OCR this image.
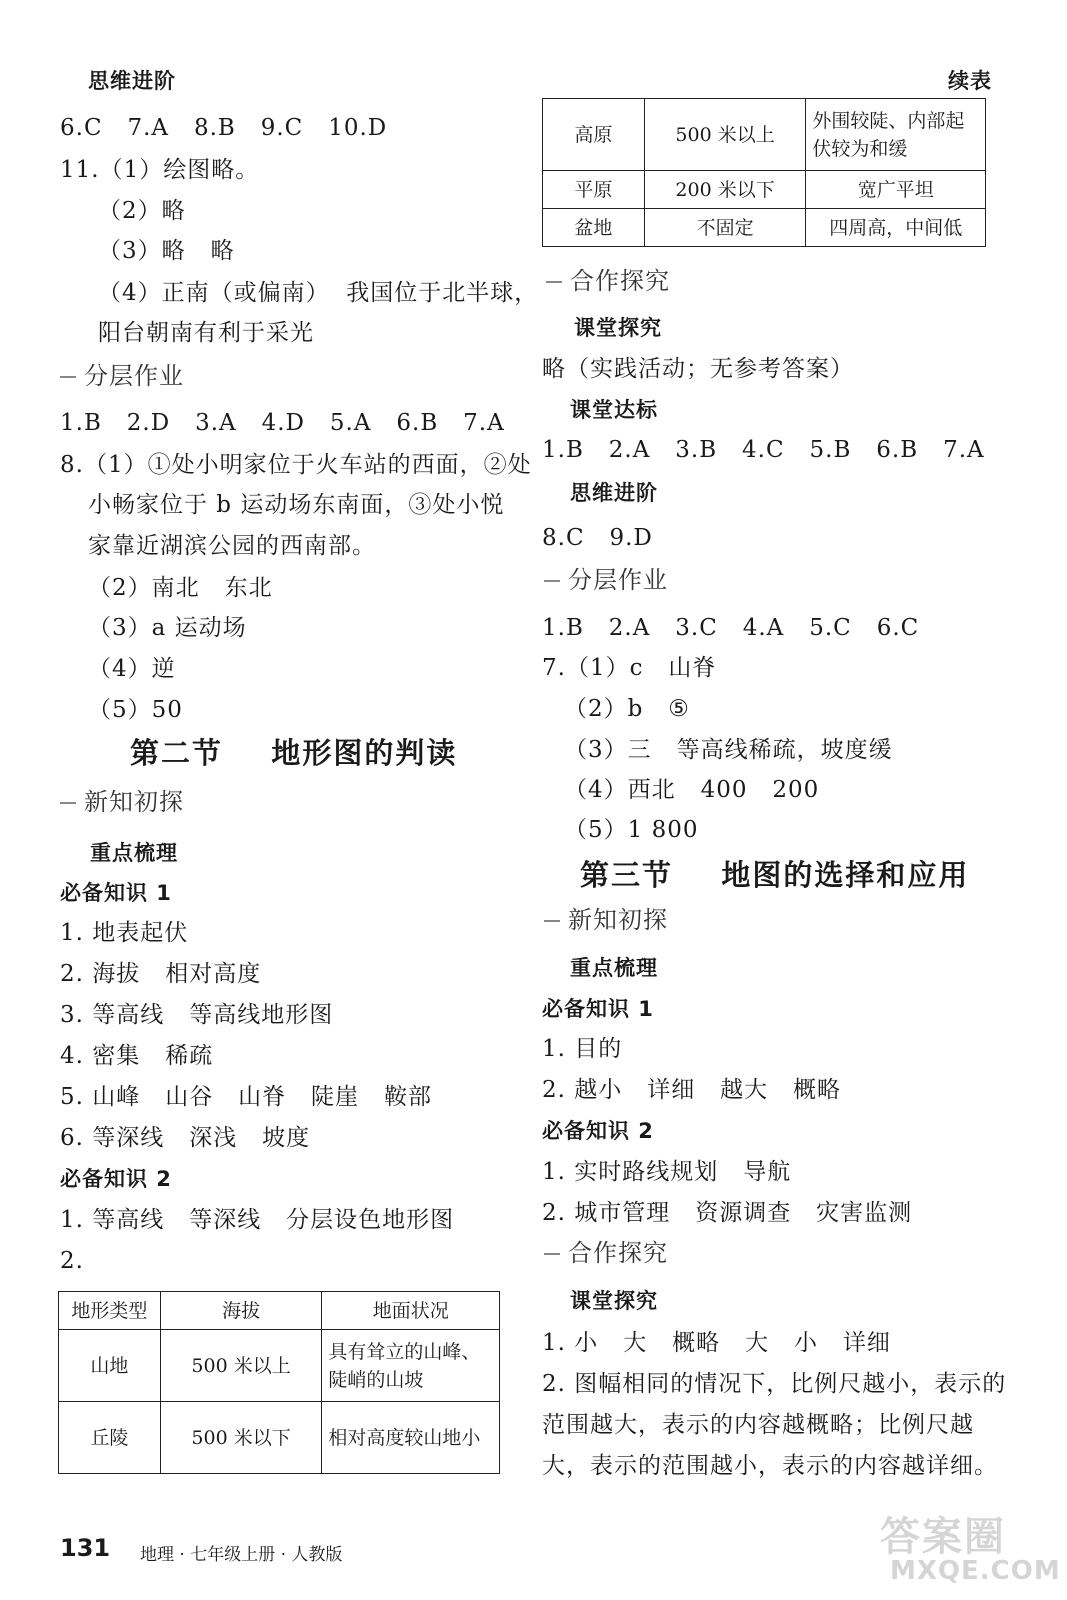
思维进阶
6.C   7.A   8.B   9.C   10.D
11.（1）绘图略。
（2）略
（3）略   略
（4）正南（或偏南）  我国位于北半球，
阳台朝南有利于采光
分层作业
1.B   2.D   3.A   4.D   5.A   6.B   7.A
8.（1）①处小明家位于火车站的西面，②处
小畅家位于 b 运动场东南面，③处小悦
家靠近湖滨公园的西南部。
（2）南北   东北
（3）a 运动场
（4）逆
（5）50
第二节    地形图的判读
新知初探
重点梳理
必备知识 1
1. 地表起伏
2. 海拔   相对高度
3. 等高线   等高线地形图
4. 密集   稀疏
5. 山峰   山谷   山脊   陡崖   鞍部
6. 等深线   深浅   坡度
必备知识 2
1. 等高线   等深线   分层设色地形图
2.
地形类型	海拔	地面状况
山地	500 米以上	具有耸立的山峰、陡峭的山坡
丘陵	500 米以下	相对高度较山地小
续表
高原	500 米以上	外围较陡、内部起伏较为和缓
平原	200 米以下	宽广平坦
盆地	不固定	四周高，中间低
合作探究
课堂探究
略（实践活动；无参考答案）
课堂达标
1.B   2.A   3.B   4.C   5.B   6.B   7.A
思维进阶
8.C   9.D
分层作业
1.B   2.A   3.C   4.A   5.C   6.C
7.（1）c   山脊
（2）b   ⑤
（3）三   等高线稀疏，坡度缓
（4）西北   400   200
（5）1 800
第三节    地图的选择和应用
新知初探
重点梳理
必备知识 1
1. 目的
2. 越小   详细   越大   概略
必备知识 2
1. 实时路线规划   导航
2. 城市管理   资源调查   灾害监测
合作探究
课堂探究
1. 小   大   概略   大   小   详细
2. 图幅相同的情况下，比例尺越小，表示的
范围越大，表示的内容越概略；比例尺越
大，表示的范围越小，表示的内容越详细。
131 地理 · 七年级上册 · 人教版	答案圈
MXQE.COM
